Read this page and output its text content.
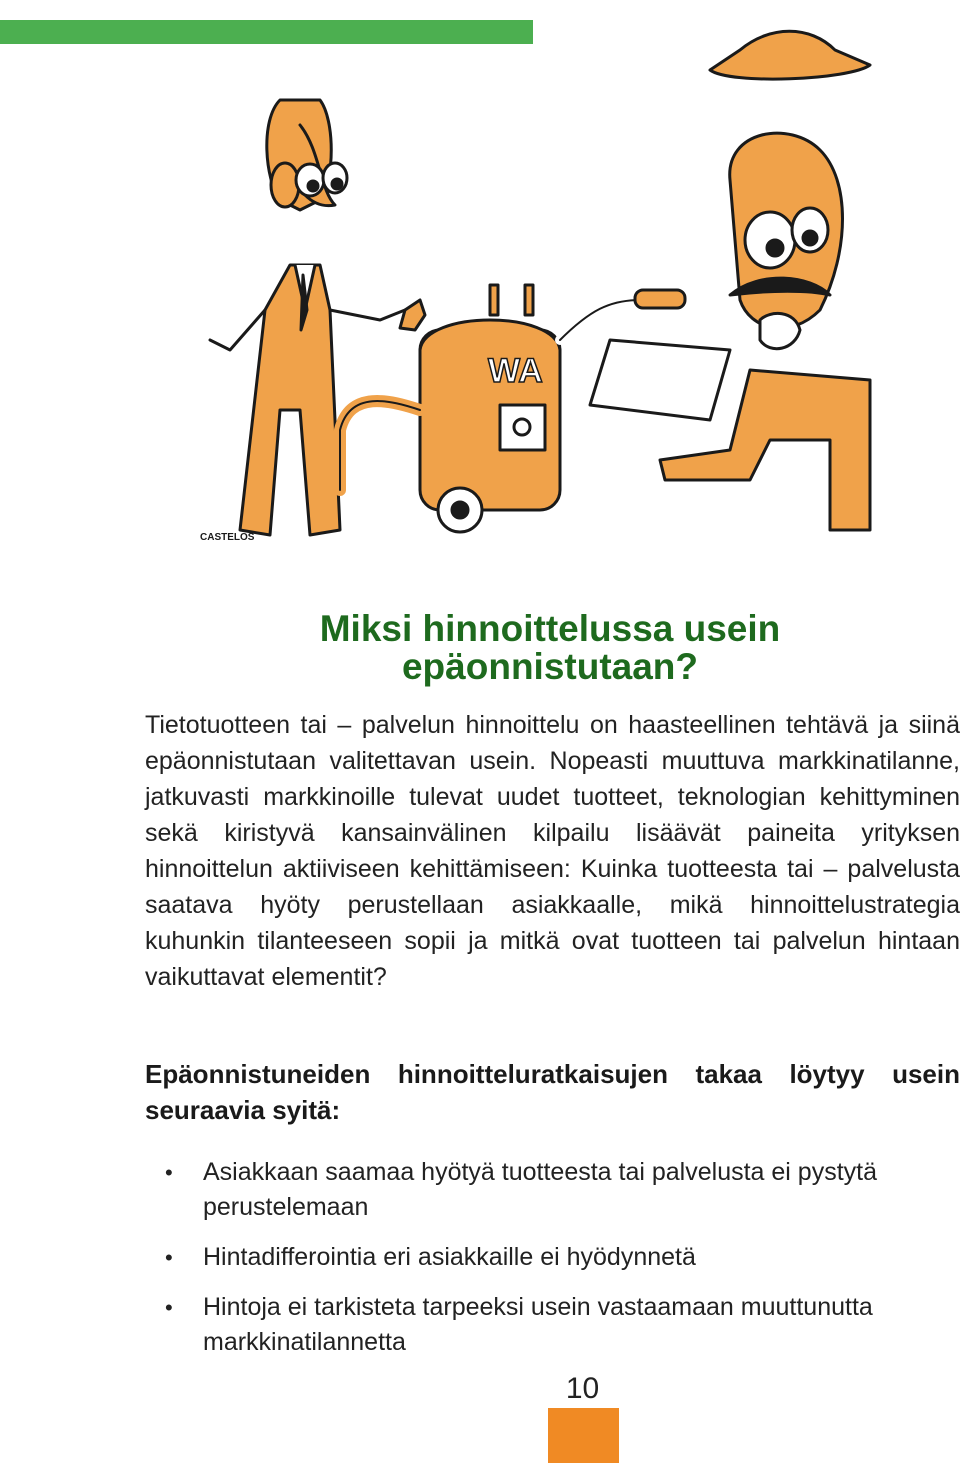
CASTELOS
WA
Miksi hinnoittelussa usein
epäonnistutaan?

Tietotuotteen tai – palvelun hinnoittelu on haasteellinen tehtävä ja siinä epäonnistutaan valitettavan usein. Nopeasti muuttuva markkinatilanne, jatkuvasti markkinoille tulevat uudet tuotteet, teknologian kehittyminen sekä kiristyvä kansainvälinen kilpailu lisäävät paineita yrityksen hinnoittelun aktiiviseen kehittämiseen: Kuinka tuotteesta tai – palvelusta saatava hyöty perustellaan asiakkaalle, mikä hinnoittelustrategia kuhunkin tilanteeseen sopii ja mitkä ovat tuotteen tai palvelun hintaan vaikuttavat elementit?

Epäonnistuneiden hinnoitteluratkaisujen takaa löytyy usein seuraavia syitä:

• Asiakkaan saamaa hyötyä tuotteesta tai palvelusta ei pystytä perustelemaan
• Hintadifferointia eri asiakkaille ei hyödynnetä
• Hintoja ei tarkisteta tarpeeksi usein vastaamaan muuttunutta markkinatilannetta
10
